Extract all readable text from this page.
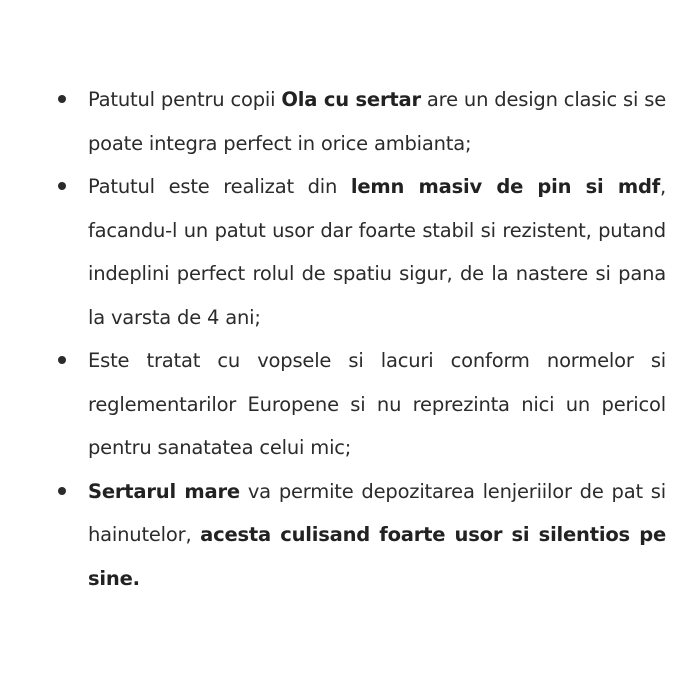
Patutul pentru copii Ola cu sertar are un design clasic si se poate integra perfect in orice ambianta;
Patutul este realizat din lemn masiv de pin si mdf, facandu-l un patut usor dar foarte stabil si rezistent, putand indeplini perfect rolul de spatiu sigur, de la nastere si pana la varsta de 4 ani;
Este tratat cu vopsele si lacuri conform normelor si reglementarilor Europene si nu reprezinta nici un pericol pentru sanatatea celui mic;
Sertarul mare va permite depozitarea lenjeriilor de pat si hainutelor, acesta culisand foarte usor si silentios pe sine.
